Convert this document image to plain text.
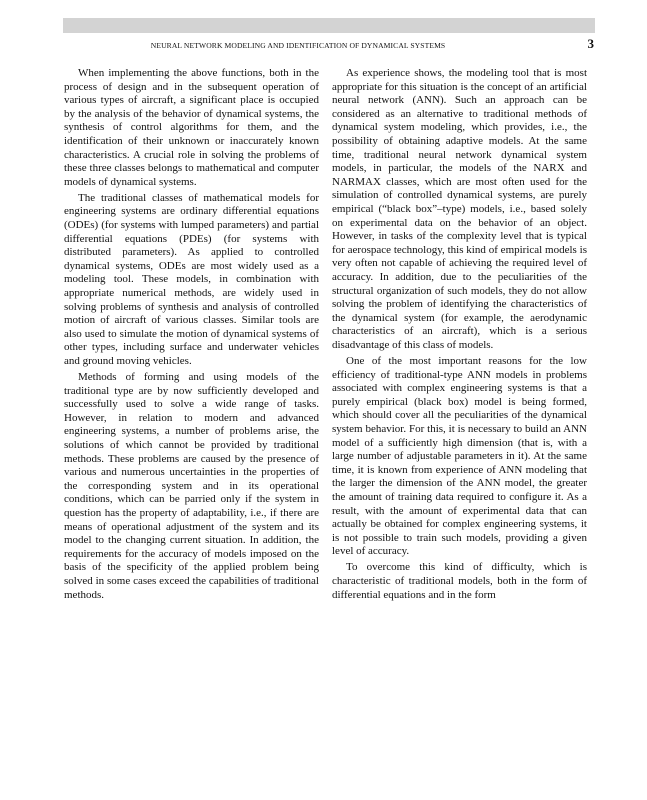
NEURAL NETWORK MODELING AND IDENTIFICATION OF DYNAMICAL SYSTEMS	3

When implementing the above functions, both in the process of design and in the subsequent operation of various types of aircraft, a significant place is occupied by the analysis of the behavior of dynamical systems, the synthesis of control algorithms for them, and the identification of their unknown or inaccurately known characteristics. A crucial role in solving the problems of these three classes belongs to mathematical and computer models of dynamical systems.

The traditional classes of mathematical models for engineering systems are ordinary differential equations (ODEs) (for systems with lumped parameters) and partial differential equations (PDEs) (for systems with distributed parameters). As applied to controlled dynamical systems, ODEs are most widely used as a modeling tool. These models, in combination with appropriate numerical methods, are widely used in solving problems of synthesis and analysis of controlled motion of aircraft of various classes. Similar tools are also used to simulate the motion of dynamical systems of other types, including surface and underwater vehicles and ground moving vehicles.

Methods of forming and using models of the traditional type are by now sufficiently developed and successfully used to solve a wide range of tasks. However, in relation to modern and advanced engineering systems, a number of problems arise, the solutions of which cannot be provided by traditional methods. These problems are caused by the presence of various and numerous uncertainties in the properties of the corresponding system and in its operational conditions, which can be parried only if the system in question has the property of adaptability, i.e., if there are means of operational adjustment of the system and its model to the changing current situation. In addition, the requirements for the accuracy of models imposed on the basis of the specificity of the applied problem being solved in some cases exceed the capabilities of traditional methods.

As experience shows, the modeling tool that is most appropriate for this situation is the concept of an artificial neural network (ANN). Such an approach can be considered as an alternative to traditional methods of dynamical system modeling, which provides, i.e., the possibility of obtaining adaptive models. At the same time, traditional neural network dynamical system models, in particular, the models of the NARX and NARMAX classes, which are most often used for the simulation of controlled dynamical systems, are purely empirical (“black box”–type) models, i.e., based solely on experimental data on the behavior of an object. However, in tasks of the complexity level that is typical for aerospace technology, this kind of empirical models is very often not capable of achieving the required level of accuracy. In addition, due to the peculiarities of the structural organization of such models, they do not allow solving the problem of identifying the characteristics of the dynamical system (for example, the aerodynamic characteristics of an aircraft), which is a serious disadvantage of this class of models.

One of the most important reasons for the low efficiency of traditional-type ANN models in problems associated with complex engineering systems is that a purely empirical (black box) model is being formed, which should cover all the peculiarities of the dynamical system behavior. For this, it is necessary to build an ANN model of a sufficiently high dimension (that is, with a large number of adjustable parameters in it). At the same time, it is known from experience of ANN modeling that the larger the dimension of the ANN model, the greater the amount of training data required to configure it. As a result, with the amount of experimental data that can actually be obtained for complex engineering systems, it is not possible to train such models, providing a given level of accuracy.

To overcome this kind of difficulty, which is characteristic of traditional models, both in the form of differential equations and in the form
